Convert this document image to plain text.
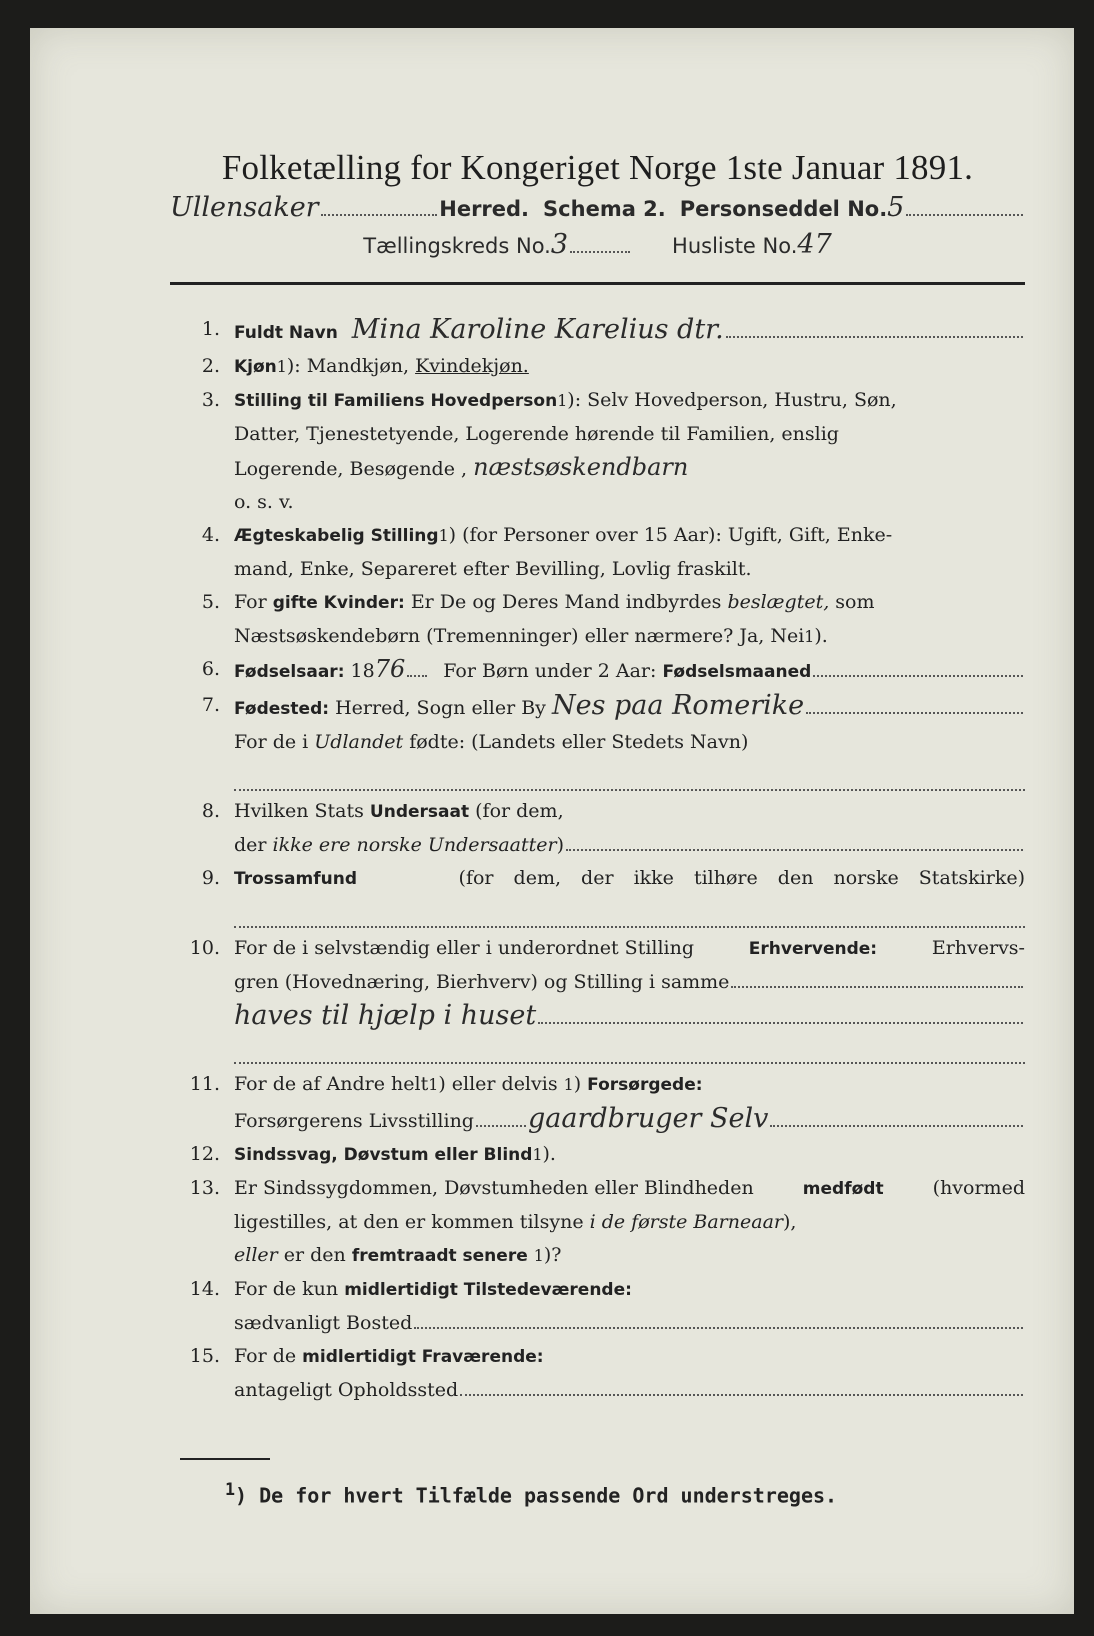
Folketælling for Kongeriget Norge 1ste Januar 1891.
Ullensaker	Herred. Schema 2. Personseddel No. 5
Tællingskreds No. 3	Husliste No. 47
1. Fuldt Navn Mina Karoline Karelius dtr.
2. Kjøn 1 ): Mandkjøn,
Kvindekjøn.
3. Stilling til Familiens Hovedperson 1 ): Selv Hovedperson, Hustru, Søn,
Datter, Tjenestetyende, Logerende hørende til Familien, enslig
Logerende, Besøgende ,
næstsøskendbarn
o. s. v.
4. Ægteskabelig Stilling 1 ) (for Personer over 15 Aar): Ugift, Gift, Enke-
mand, Enke, Separeret efter Bevilling, Lovlig fraskilt.
5. For
gifte Kvinder:
Er De og Deres Mand indbyrdes
beslægtet,
som
Næstsøskendebørn (Tremenninger) eller nærmere? Ja, Nei 1 ).
6. Fødselsaar:
18 76 For Børn under 2 Aar:
Fødselsmaaned
7. Fødested:
Herred, Sogn eller By
Nes paa Romerike
For de i
Udlandet
fødte: (Landets eller Stedets Navn)
8. Hvilken Stats
Undersaat
(for dem,
der
ikke ere norske Undersaatter )
9. Trossamfund	(for dem, der ikke tilhøre den norske Statskirke)
10. For de i selvstændig eller i underordnet Stilling	Erhvervende:	Erhvervs-
gren (Hovednæring, Bierhverv) og Stilling i samme
haves til hjælp i huset
11. For de af Andre helt 1 ) eller delvis
1 )
Forsørgede:
Forsørgerens Livsstilling gaardbruger Selv
12. Sindssvag, Døvstum eller Blind 1 ).
13. Er Sindssygdommen, Døvstumheden eller Blindheden	medfødt	(hvormed
ligestilles, at den er kommen tilsyne
i de første Barneaar ),
eller
er den
fremtraadt senere
1 )?
14. For de kun
midlertidigt Tilstedeværende:
sædvanligt Bosted
15. For de
midlertidigt Fraværende:
antageligt Opholdssted
$^1$) De for hvert Tilfælde passende Ord understreges.
